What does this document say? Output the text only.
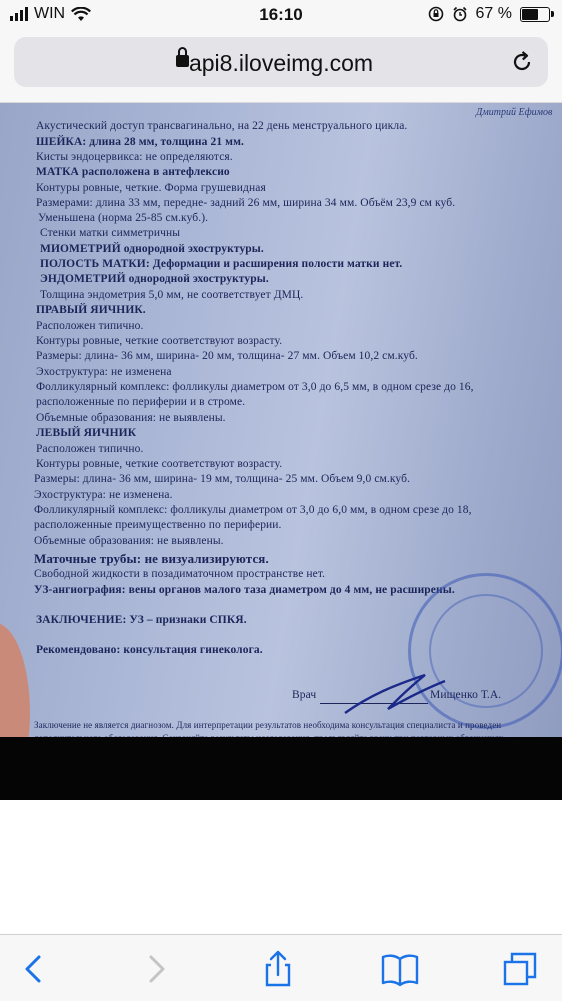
WIN	16:10	67 %
api8.iloveimg.com
Дмитрий Ефимов
Акустический доступ трансвагинально, на 22 день менструального цикла.
ШЕЙКА: длина 28 мм, толщина 21 мм.
Кисты эндоцервикса: не определяются.
МАТКА расположена в антефлексио
Контуры ровные, четкие. Форма грушевидная
Размерами: длина 33 мм, передне- задний 26 мм, ширина 34 мм. Объём 23,9 см куб.
Уменьшена (норма 25-85 см.куб.).
Стенки матки симметричны
МИОМЕТРИЙ однородной эхоструктуры.
ПОЛОСТЬ МАТКИ: Деформации и расширения полости матки нет.
ЭНДОМЕТРИЙ однородной эхоструктуры.
Толщина эндометрия 5,0 мм, не соответствует ДМЦ.
ПРАВЫЙ ЯИЧНИК.
Расположен типично.
Контуры ровные, четкие соответствуют возрасту.
Размеры: длина- 36 мм, ширина- 20 мм, толщина- 27 мм. Объем 10,2 см.куб.
Эхоструктура: не изменена
Фолликулярный комплекс: фолликулы диаметром от 3,0 до 6,5 мм, в одном срезе до 16,
расположенные по периферии и в строме.
Объемные образования: не выявлены.
ЛЕВЫЙ ЯИЧНИК
Расположен типично.
Контуры ровные, четкие соответствуют возрасту.
Размеры: длина- 36 мм, ширина- 19 мм, толщина- 25 мм. Объем 9,0 см.куб.
Эхоструктура: не изменена.
Фолликулярный комплекс: фолликулы диаметром от 3,0 до 6,0 мм, в одном срезе до 18,
расположенные преимущественно по периферии.
Объемные образования: не выявлены.
Маточные трубы: не визуализируются.
Свободной жидкости в позадиматочном пространстве нет.
УЗ-ангиография: вены органов малого таза диаметром до 4 мм, не расширены.
ЗАКЛЮЧЕНИЕ: УЗ – признаки СПКЯ.
Рекомендовано: консультация гинеколога.
Врач	Мищенко Т.А.
Заключение не является диагнозом. Для интерпретации результатов необходима консультация специалиста и проведен
